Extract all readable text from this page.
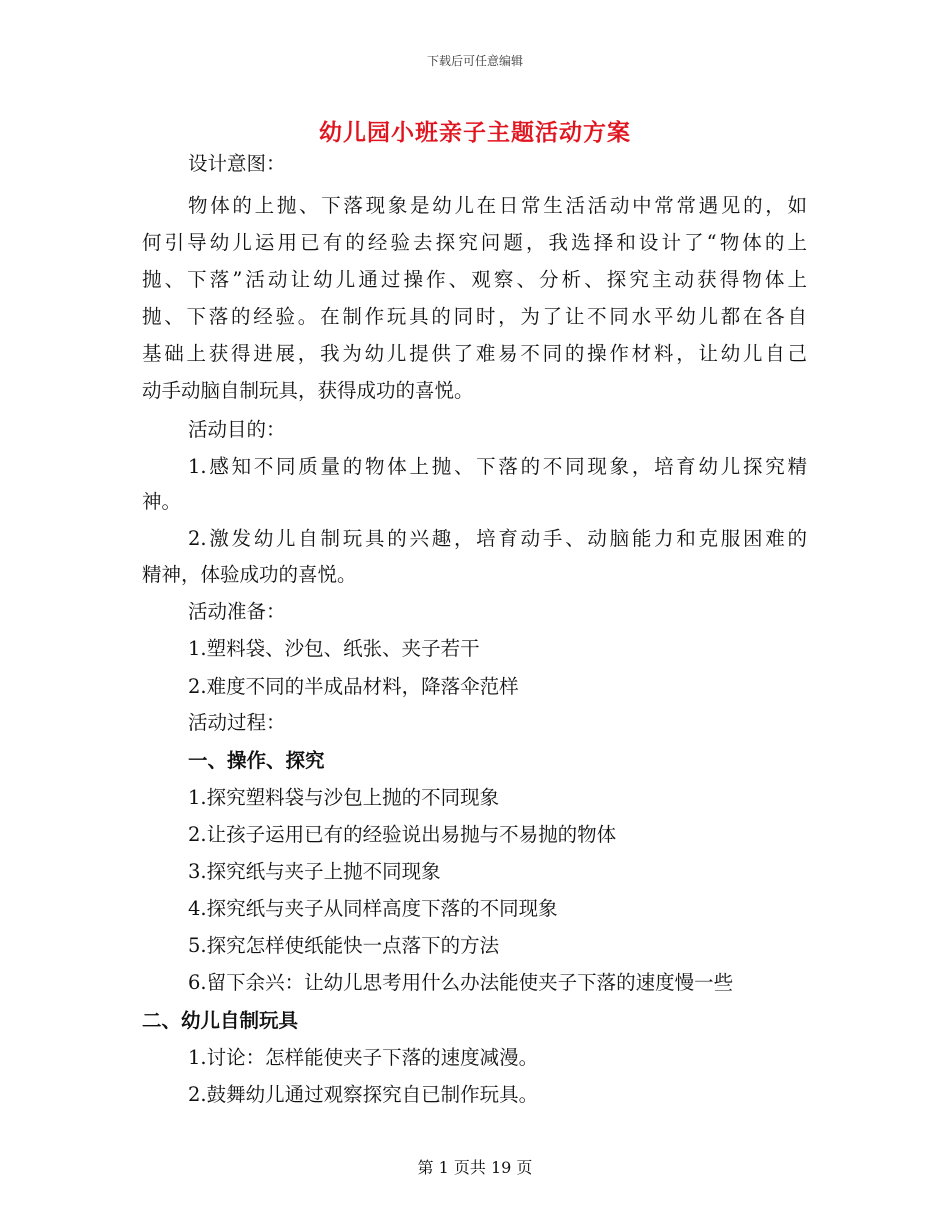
下载后可任意编辑
幼儿园小班亲子主题活动方案
设计意图：
物体的上抛、下落现象是幼儿在日常生活活动中常常遇见的，如
何引导幼儿运用已有的经验去探究问题，我选择和设计了“物体的上
抛、下落”活动让幼儿通过操作、观察、分析、探究主动获得物体上
抛、下落的经验。在制作玩具的同时，为了让不同水平幼儿都在各自
基础上获得进展，我为幼儿提供了难易不同的操作材料，让幼儿自己
动手动脑自制玩具，获得成功的喜悦。
活动目的：
1.感知不同质量的物体上抛、下落的不同现象，培育幼儿探究精
神。
2.激发幼儿自制玩具的兴趣，培育动手、动脑能力和克服困难的
精神，体验成功的喜悦。
活动准备：
1.塑料袋、沙包、纸张、夹子若干
2.难度不同的半成品材料，降落伞范样
活动过程：
一、操作、探究
1.探究塑料袋与沙包上抛的不同现象
2.让孩子运用已有的经验说出易抛与不易抛的物体
3.探究纸与夹子上抛不同现象
4.探究纸与夹子从同样高度下落的不同现象
5.探究怎样使纸能快一点落下的方法
6.留下余兴：让幼儿思考用什么办法能使夹子下落的速度慢一些
二、幼儿自制玩具
1.讨论：怎样能使夹子下落的速度减漫。
2.鼓舞幼儿通过观察探究自已制作玩具。
第 1 页共 19 页
